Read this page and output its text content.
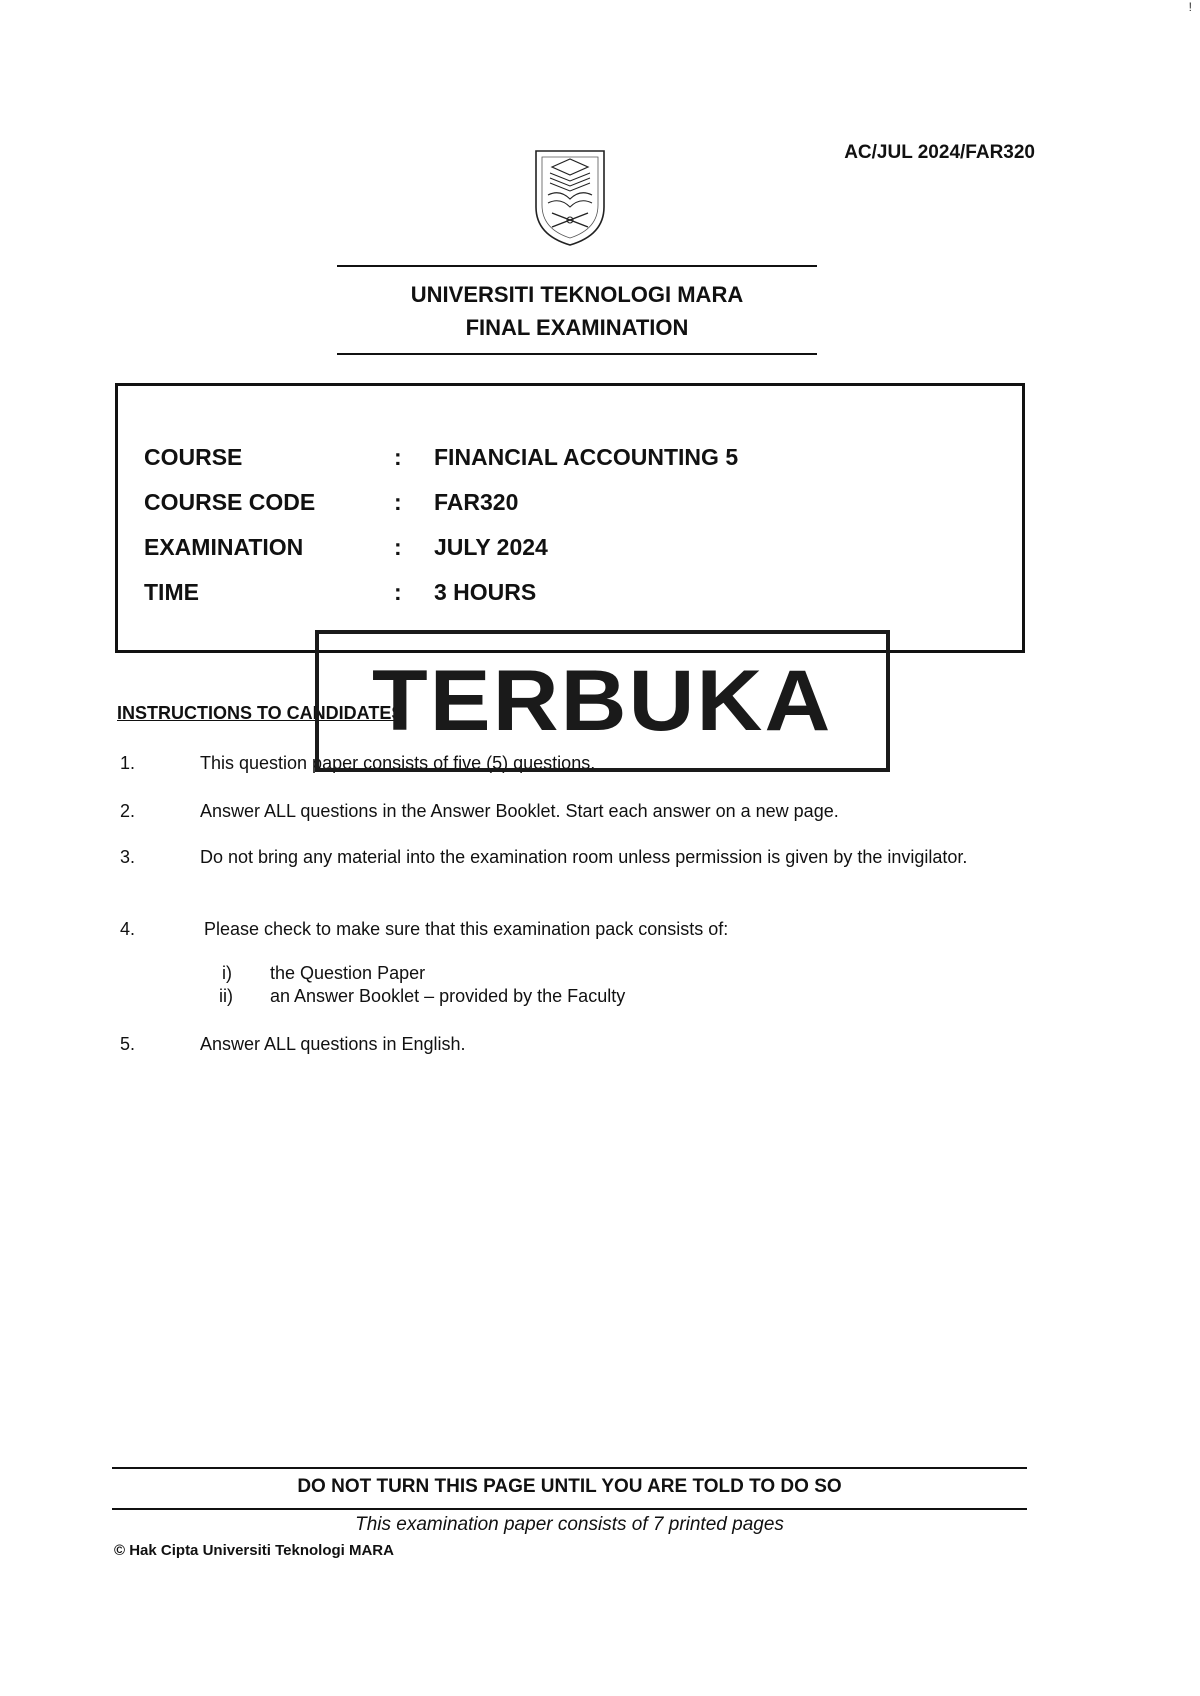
AC/JUL 2024/FAR320
UNIVERSITI TEKNOLOGI MARA
FINAL EXAMINATION
COURSE	:	FINANCIAL ACCOUNTING 5
COURSE CODE	:	FAR320
EXAMINATION	:	JULY 2024
TIME	:	3 HOURS
TERBUKA
INSTRUCTIONS TO CANDIDATES
1.	This question paper consists of five (5) questions.
2.	Answer ALL questions in the Answer Booklet. Start each answer on a new page.
3.	Do not bring any material into the examination room unless permission is given by the invigilator.
4.	Please check to make sure that this examination pack consists of:
i) the Question Paper
ii) an Answer Booklet – provided by the Faculty
5.	Answer ALL questions in English.
DO NOT TURN THIS PAGE UNTIL YOU ARE TOLD TO DO SO
This examination paper consists of 7 printed pages
© Hak Cipta Universiti Teknologi MARA
!
